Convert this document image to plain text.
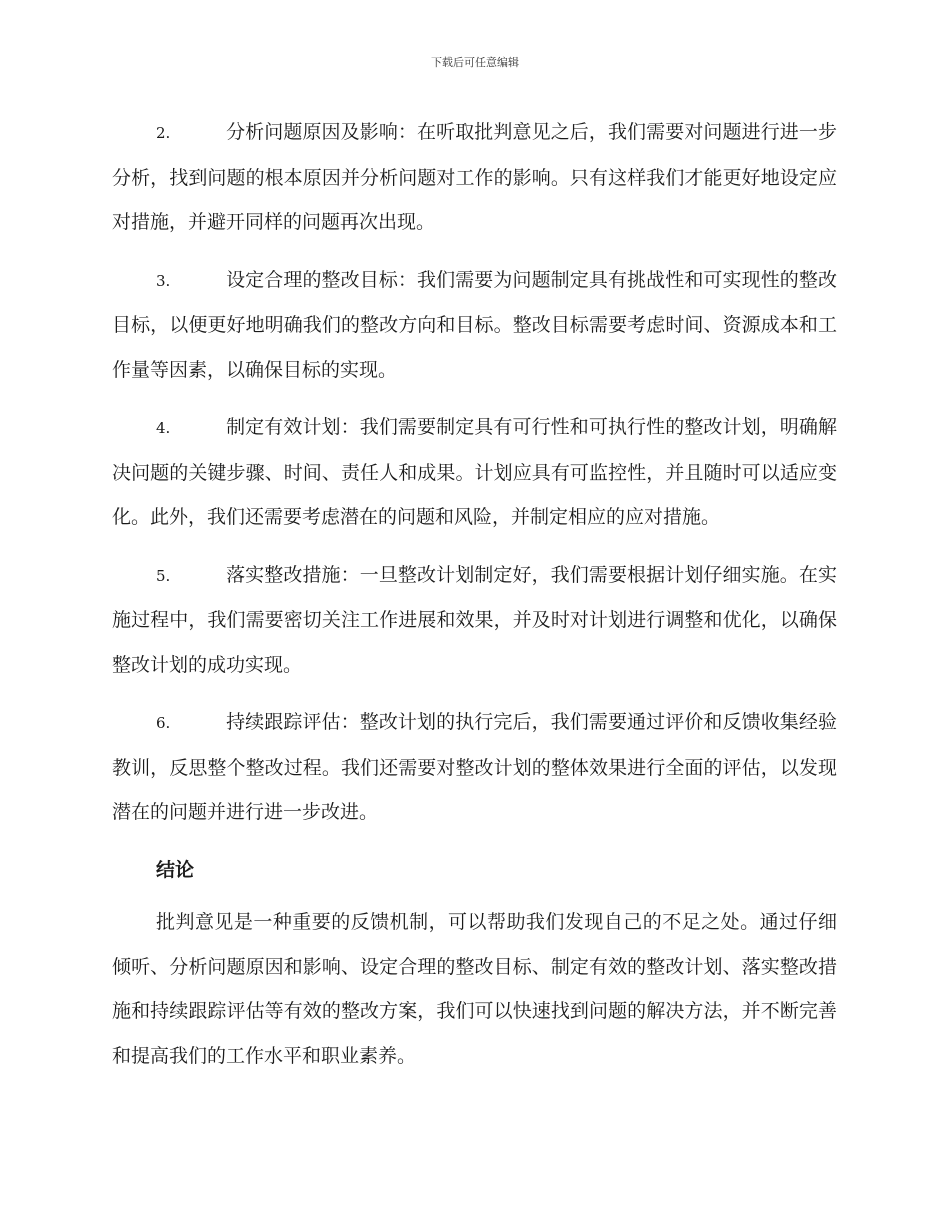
下载后可任意编辑

2.	分析问题原因及影响：在听取批判意见之后，我们需要对问题进行进一步分析，找到问题的根本原因并分析问题对工作的影响。只有这样我们才能更好地设定应对措施，并避开同样的问题再次出现。

3.	设定合理的整改目标：我们需要为问题制定具有挑战性和可实现性的整改目标，以便更好地明确我们的整改方向和目标。整改目标需要考虑时间、资源成本和工作量等因素，以确保目标的实现。

4.	制定有效计划：我们需要制定具有可行性和可执行性的整改计划，明确解决问题的关键步骤、时间、责任人和成果。计划应具有可监控性，并且随时可以适应变化。此外，我们还需要考虑潜在的问题和风险，并制定相应的应对措施。

5.	落实整改措施：一旦整改计划制定好，我们需要根据计划仔细实施。在实施过程中，我们需要密切关注工作进展和效果，并及时对计划进行调整和优化，以确保整改计划的成功实现。

6.	持续跟踪评估：整改计划的执行完后，我们需要通过评价和反馈收集经验教训，反思整个整改过程。我们还需要对整改计划的整体效果进行全面的评估，以发现潜在的问题并进行进一步改进。

结论

批判意见是一种重要的反馈机制，可以帮助我们发现自己的不足之处。通过仔细倾听、分析问题原因和影响、设定合理的整改目标、制定有效的整改计划、落实整改措施和持续跟踪评估等有效的整改方案，我们可以快速找到问题的解决方法，并不断完善和提高我们的工作水平和职业素养。
